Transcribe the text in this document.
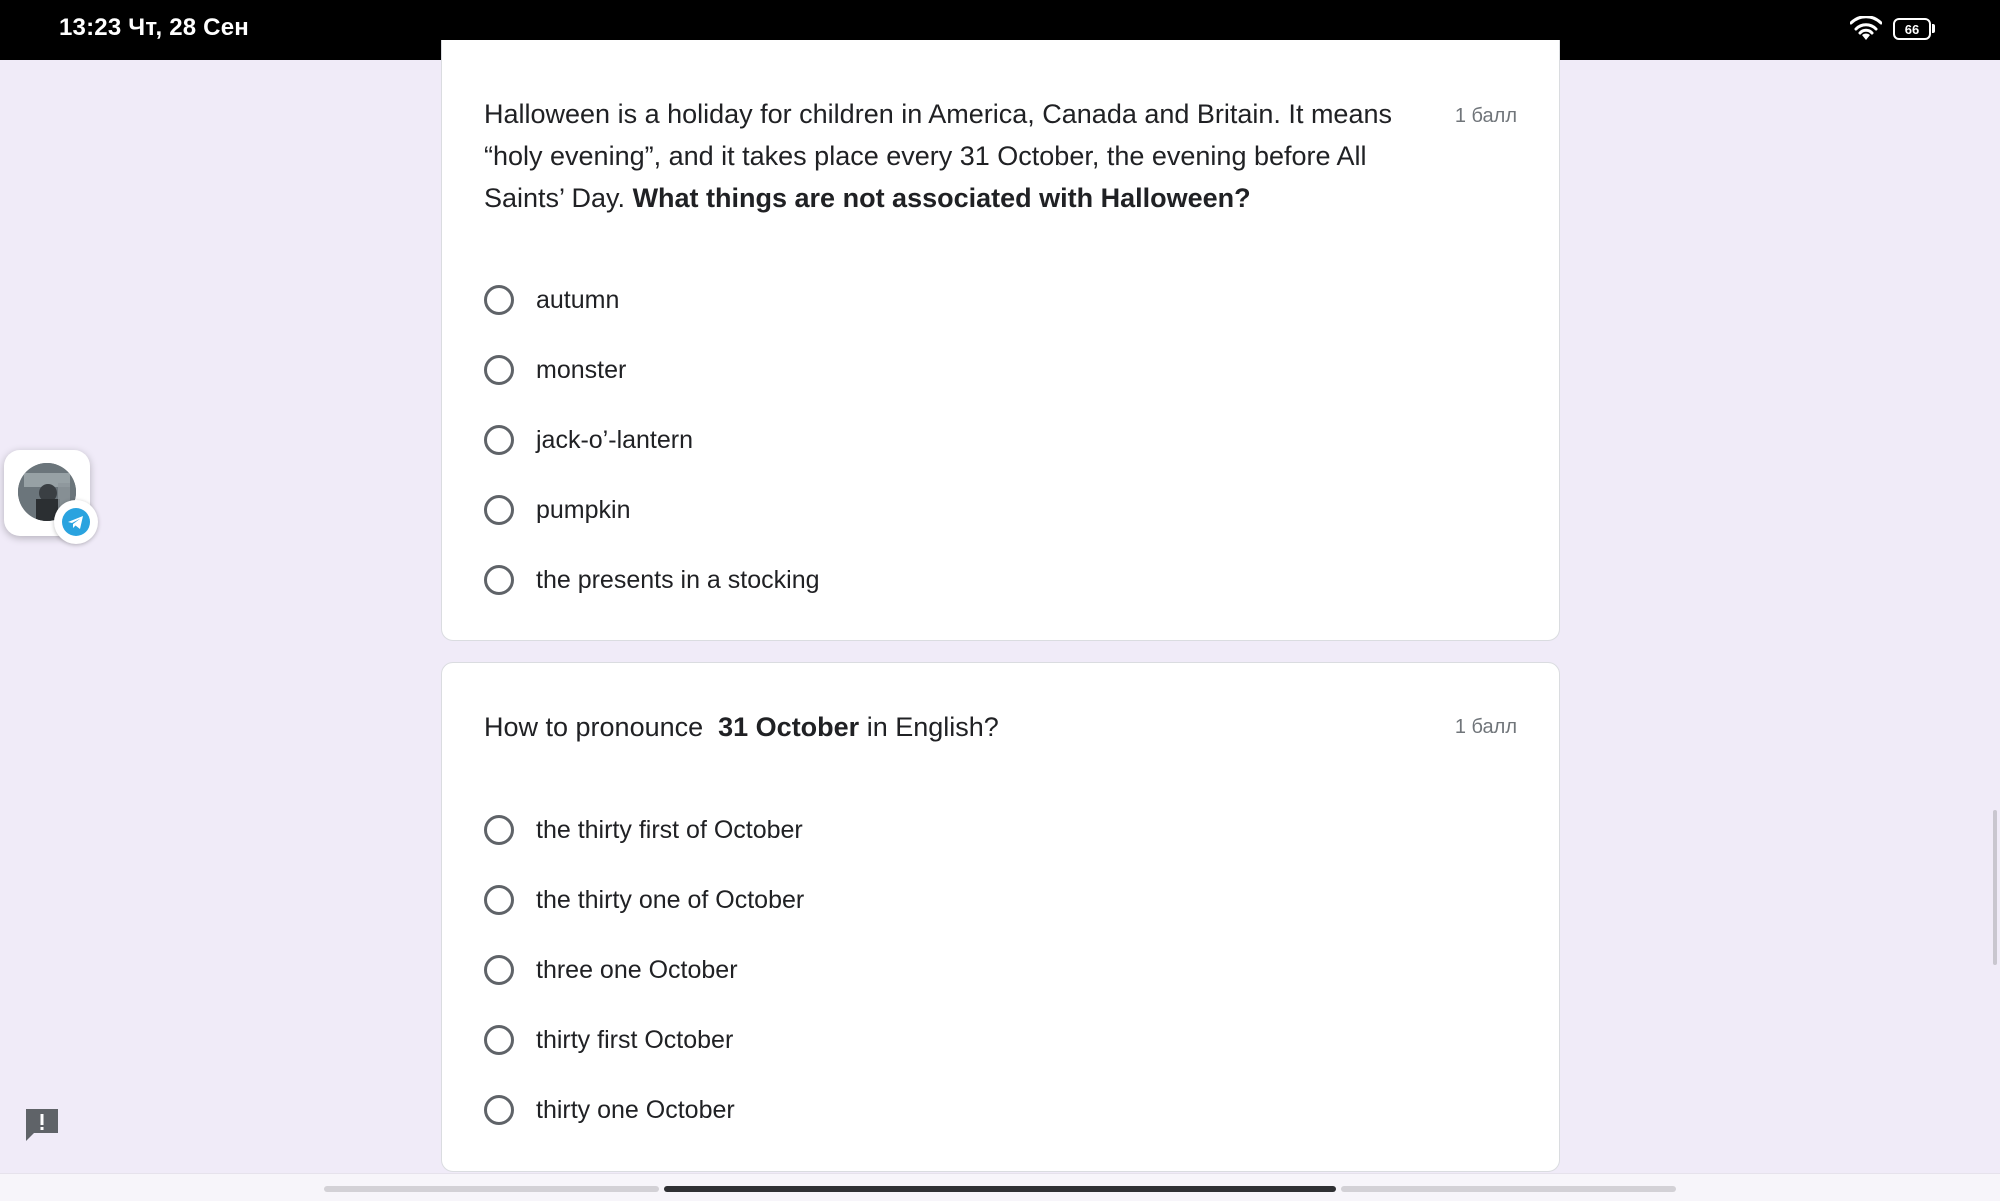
13:23 Чт, 28 Сен	66
Halloween is a holiday for children in America, Canada and Britain. It means “holy evening”, and it takes place every 31 October, the evening before All Saints’ Day. What things are not associated with Halloween?
1 балл
autumn
monster
jack-o’-lantern
pumpkin
the presents in a stocking
How to pronounce  31 October in English?	1 балл
the thirty first of October
the thirty one of October
three one October
thirty first October
thirty one October
